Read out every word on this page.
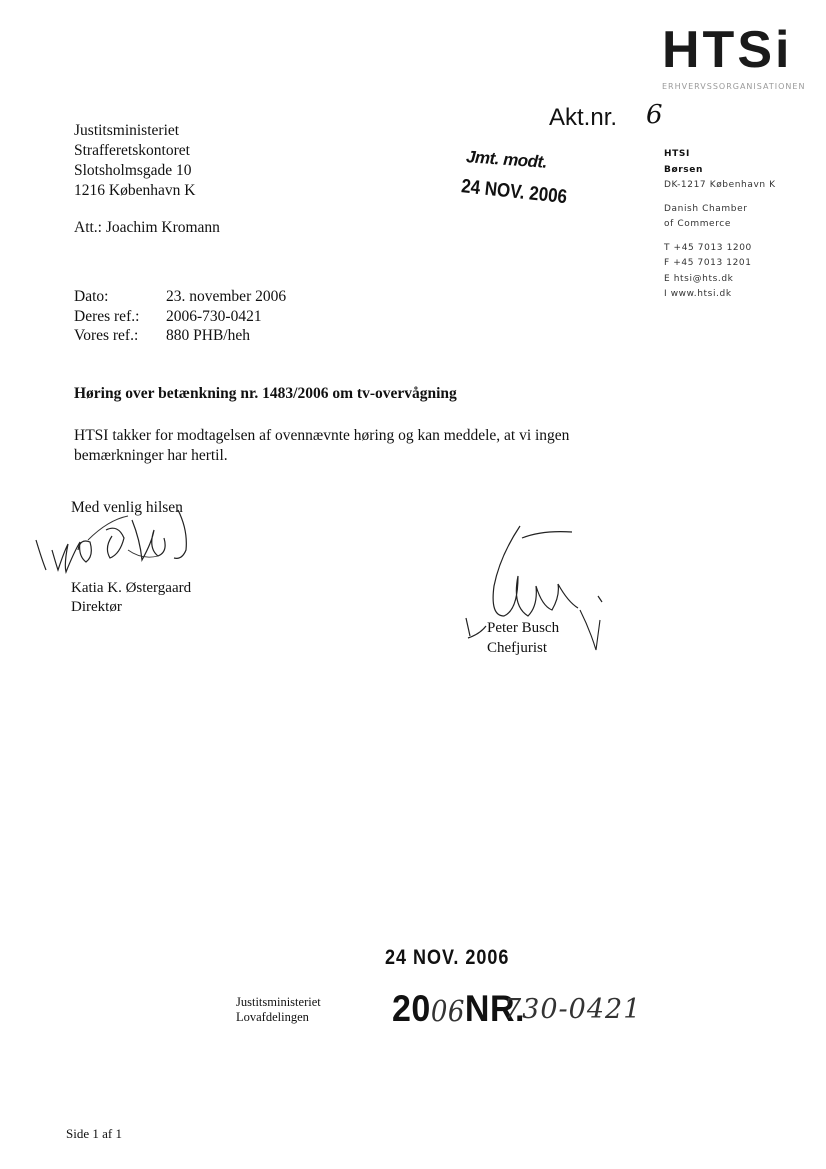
HTSi
ERHVERVSSORGANISATIONEN
Justitsministeriet
Strafferetskontoret
Slotsholmsgade 10
1216 København K
Att.: Joachim Kromann
Akt.nr. 6
Jmt. modt.
24 NOV. 2006
HTSI
Børsen
DK-1217 København K
Danish Chamber
of Commerce
T +45 7013 1200
F +45 7013 1201
E htsi@hts.dk
I www.htsi.dk
Dato:	23. november 2006
Deres ref.:	2006-730-0421
Vores ref.:	880 PHB/heh
Høring over betænkning nr. 1483/2006 om tv-overvågning
HTSI takker for modtagelsen af ovennævnte høring og kan meddele, at vi ingen bemærkninger har hertil.
Med venlig hilsen
Katia K. Østergaard
Direktør
Peter Busch
Chefjurist
24 NOV. 2006
Justitsministeriet
Lovafdelingen	2006NR.
730-0421
Side 1 af 1
